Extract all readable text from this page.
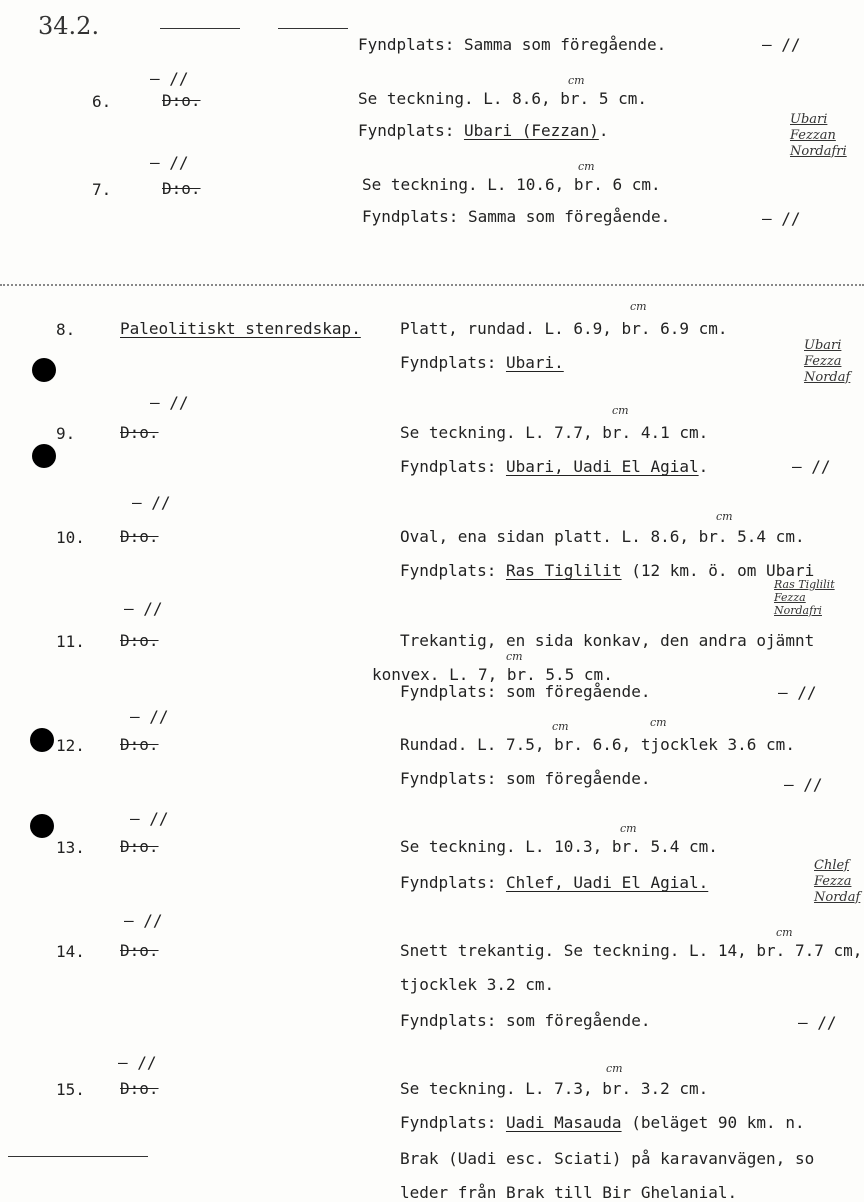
34.2.
Fyndplats: Samma som föregående.	— //
— //
6.	D:o.
cm
Se teckning. L. 8.6, br. 5 cm.
Fyndplats: Ubari (Fezzan).
Ubari
Fezzan
Nordafri
— //
7.	D:o.
cm
Se teckning. L. 10.6, br. 6 cm.
Fyndplats: Samma som föregående.	— //
8.	Paleolitiskt stenredskap.
cm
Platt, rundad. L. 6.9, br. 6.9 cm.
Fyndplats: Ubari.
Ubari
Fezza
Nordaf
— //
9.	D:o.
cm
Se teckning. L. 7.7, br. 4.1 cm.
Fyndplats: Ubari, Uadi El Agial.	— //
— //
10. D:o.
cm
Oval, ena sidan platt. L. 8.6, br. 5.4 cm.
Fyndplats: Ras Tiglilit (12 km. ö. om Ubari
Ras Tiglilit
Fezza
Nordafri
— //
11. D:o.	Trekantig, en sida konkav, den andra ojämnt
cm
konvex. L. 7, br. 5.5 cm.
Fyndplats: som föregående.	— //
— //
12. D:o.
cm	cm
Rundad. L. 7.5, br. 6.6, tjocklek 3.6 cm.
Fyndplats: som föregående.	— //
— //
13. D:o.
cm
Se teckning. L. 10.3, br. 5.4 cm.
Fyndplats: Chlef, Uadi El Agial.
Chlef
Fezza
Nordaf
— //
14. D:o.
cm
Snett trekantig. Se teckning. L. 14, br. 7.7 cm,
tjocklek 3.2 cm.
Fyndplats: som föregående.	— //
— //
15. D:o.
cm
Se teckning. L. 7.3, br. 3.2 cm.
Fyndplats: Uadi Masauda (beläget 90 km. n.
Brak (Uadi esc. Sciati) på karavanvägen, so
leder från Brak till Bir Ghelanial.
